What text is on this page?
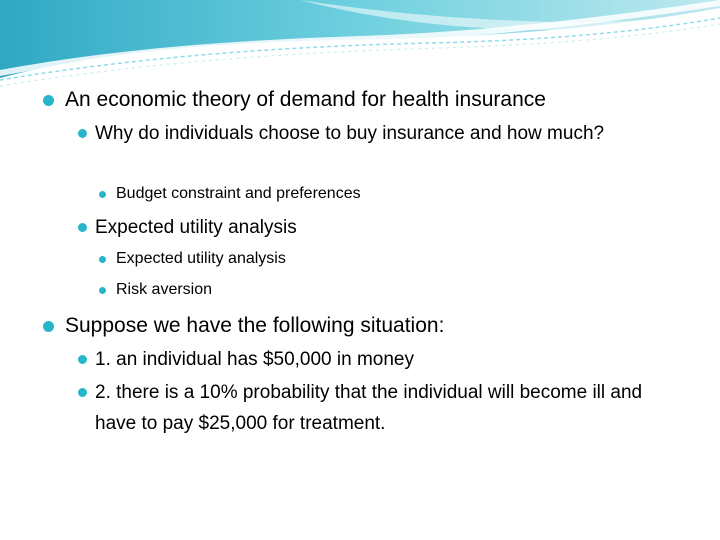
An economic theory of demand for health insurance
Why do individuals choose to buy insurance and how much?
Budget constraint and preferences
Expected utility analysis
Expected utility analysis
Risk aversion
Suppose we have the following situation:
1. an individual has $50,000 in money
2. there is a 10% probability that the individual will become ill and have to pay $25,000 for treatment.
